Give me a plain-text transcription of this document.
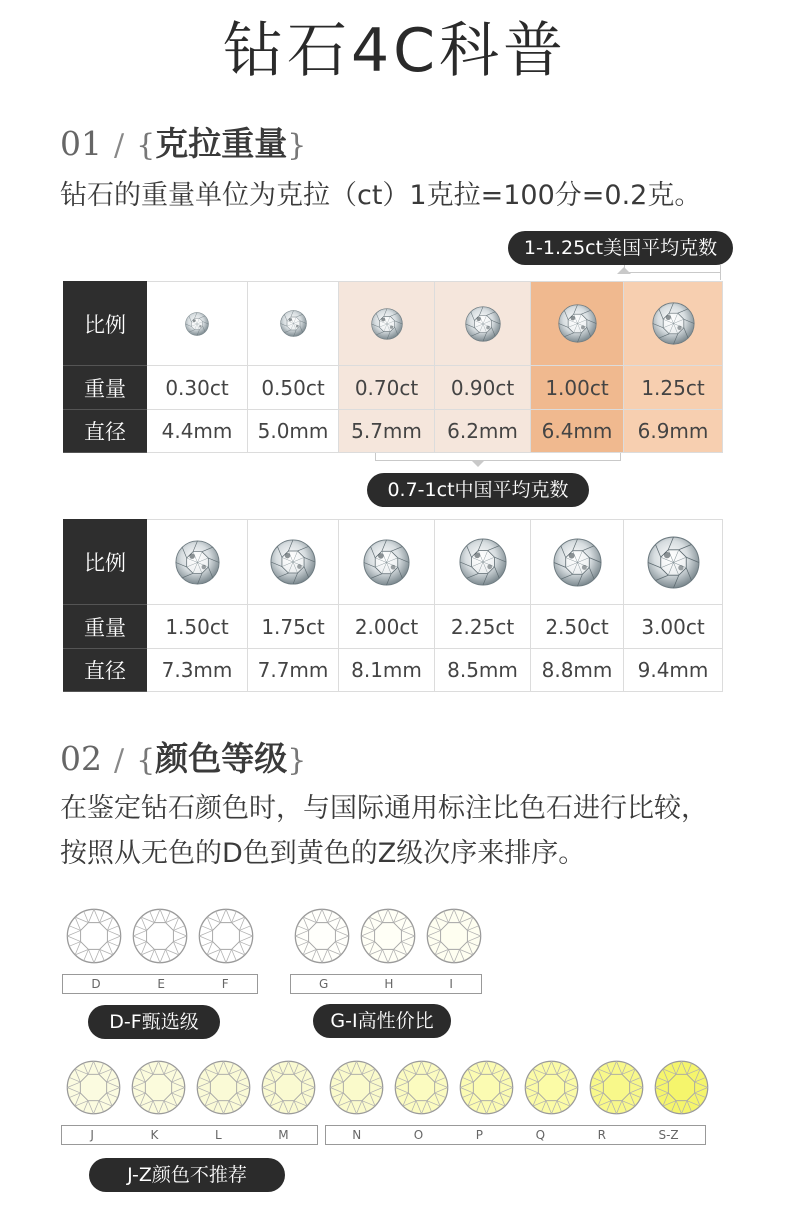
钻石4C科普
01 / { 克拉重量 }
钻石的重量单位为克拉（ct）1克拉=100分=0.2克。
1-1.25ct美国平均克数
比例	

重量	0.30ct	0.50ct	0.70ct	0.90ct	1.00ct	1.25ct
直径	4.4mm	5.0mm	5.7mm	6.2mm	6.4mm	6.9mm
0.7-1ct中国平均克数
比例	

重量	1.50ct	1.75ct	2.00ct	2.25ct	2.50ct	3.00ct
直径	7.3mm	7.7mm	8.1mm	8.5mm	8.8mm	9.4mm
02 / { 颜色等级 }
在鉴定钻石颜色时，与国际通用标注比色石进行比较，
按照从无色的D色到黄色的Z级次序来排序。
D	E	F
D-F甄选级
G	H	I
G-I高性价比
J	K	L	M	N	O	P	Q	R	S-Z
J-Z颜色不推荐
